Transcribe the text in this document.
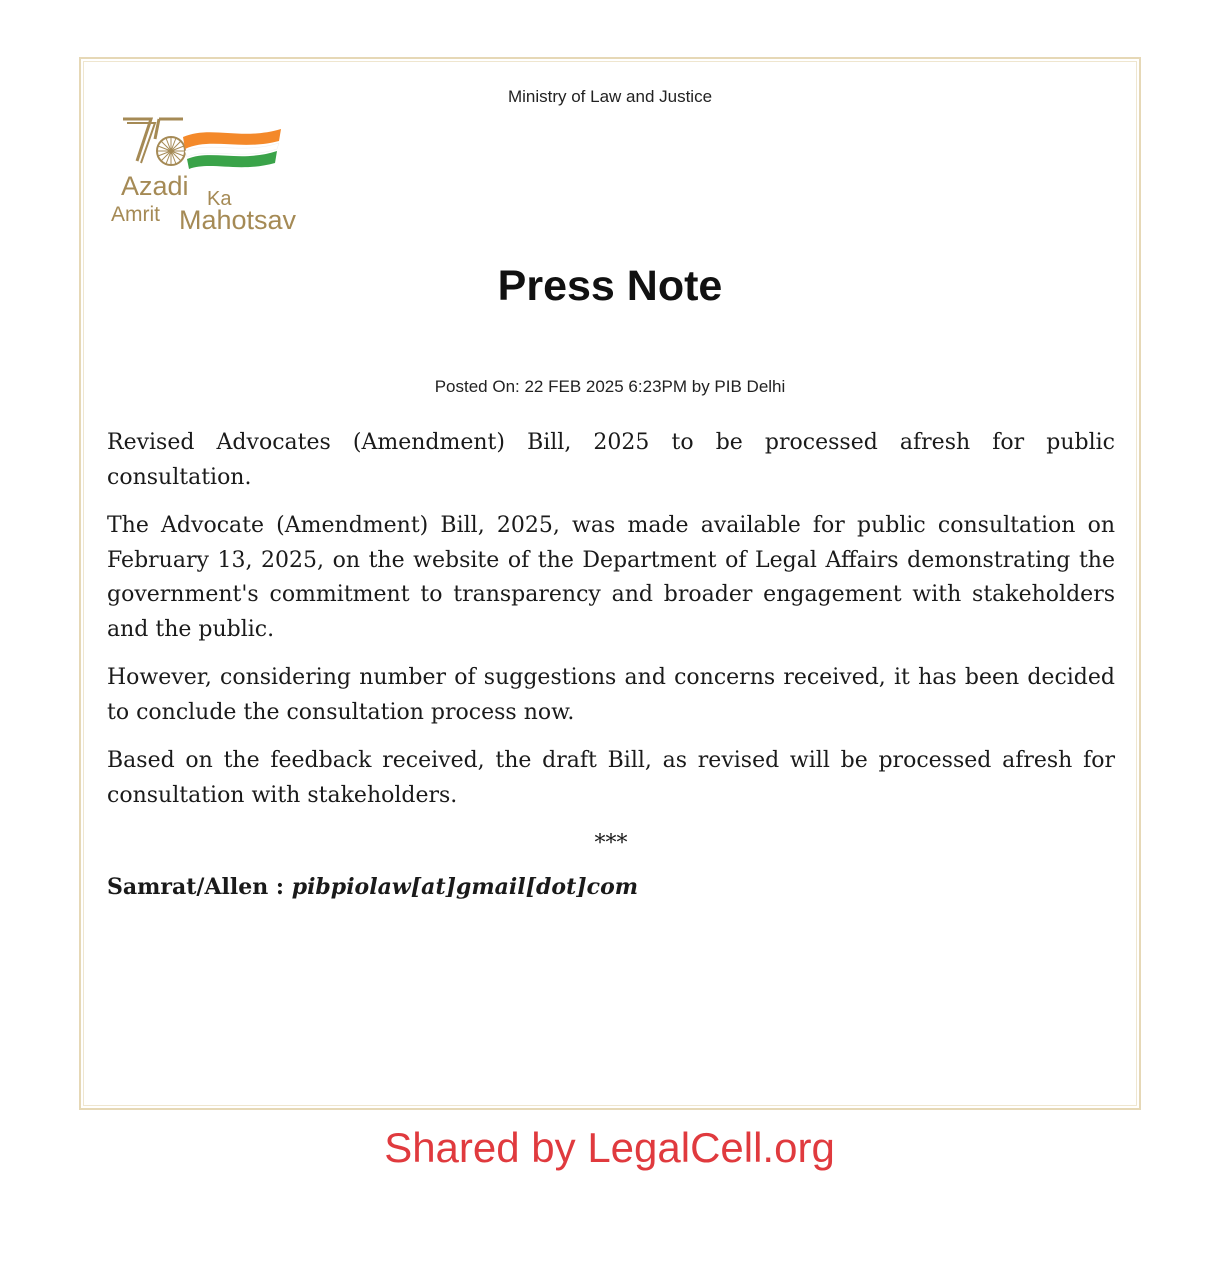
Ministry of Law and Justice
Azadi Ka
Amrit Mahotsav
Press Note
Posted On: 22 FEB 2025 6:23PM by PIB Delhi

Revised Advocates (Amendment) Bill, 2025 to be processed afresh for public consultation.

The Advocate (Amendment) Bill, 2025, was made available for public consultation on February 13, 2025, on the website of the Department of Legal Affairs demonstrating the government's commitment to transparency and broader engagement with stakeholders and the public.

However, considering number of suggestions and concerns received, it has been decided to conclude the consultation process now.

Based on the feedback received, the draft Bill, as revised will be processed afresh for consultation with stakeholders.

***
Samrat/Allen : pibpiolaw[at]gmail[dot]com
Shared by LegalCell.org
